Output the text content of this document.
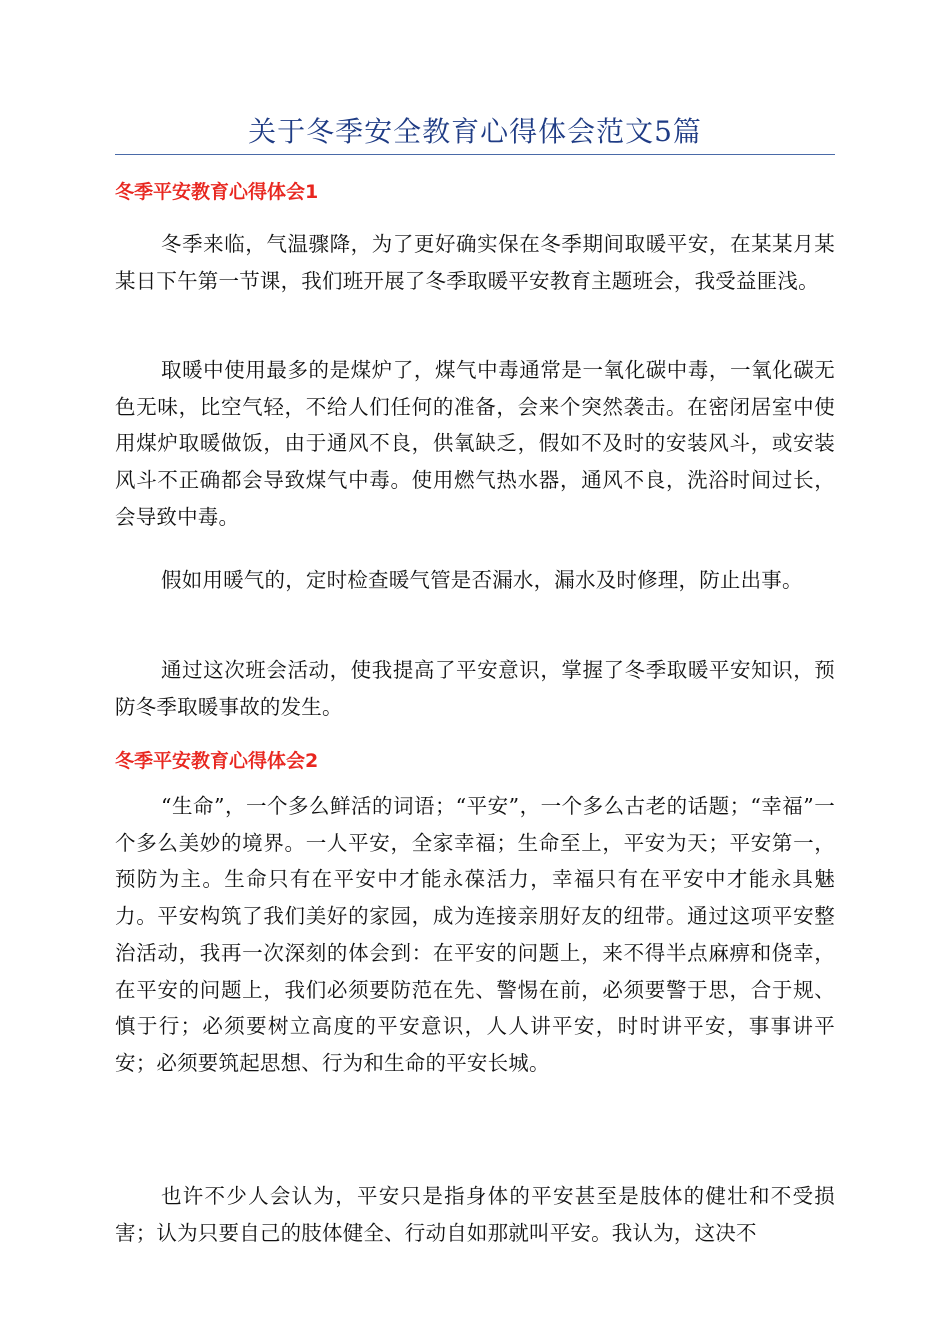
关于冬季安全教育心得体会范文5篇
冬季平安教育心得体会1

冬季来临，气温骤降，为了更好确实保在冬季期间取暖平安，在某某月某某日下午第一节课，我们班开展了冬季取暖平安教育主题班会，我受益匪浅。

取暖中使用最多的是煤炉了，煤气中毒通常是一氧化碳中毒，一氧化碳无色无味，比空气轻，不给人们任何的准备，会来个突然袭击。在密闭居室中使用煤炉取暖做饭，由于通风不良，供氧缺乏，假如不及时的安装风斗，或安装风斗不正确都会导致煤气中毒。使用燃气热水器，通风不良，洗浴时间过长，会导致中毒。

假如用暖气的，定时检查暖气管是否漏水，漏水及时修理，防止出事。

通过这次班会活动，使我提高了平安意识，掌握了冬季取暖平安知识，预防冬季取暖事故的发生。

冬季平安教育心得体会2

“生命”，一个多么鲜活的词语；“平安”，一个多么古老的话题；“幸福”一个多么美妙的境界。一人平安，全家幸福；生命至上，平安为天；平安第一，预防为主。生命只有在平安中才能永葆活力，幸福只有在平安中才能永具魅力。平安构筑了我们美好的家园，成为连接亲朋好友的纽带。通过这项平安整治活动，我再一次深刻的体会到：在平安的问题上，来不得半点麻痹和侥幸，在平安的问题上，我们必须要防范在先、警惕在前，必须要警于思，合于规、慎于行；必须要树立高度的平安意识，人人讲平安，时时讲平安，事事讲平安；必须要筑起思想、行为和生命的平安长城。

也许不少人会认为，平安只是指身体的平安甚至是肢体的健壮和不受损害；认为只要自己的肢体健全、行动自如那就叫平安。我认为，这决不
